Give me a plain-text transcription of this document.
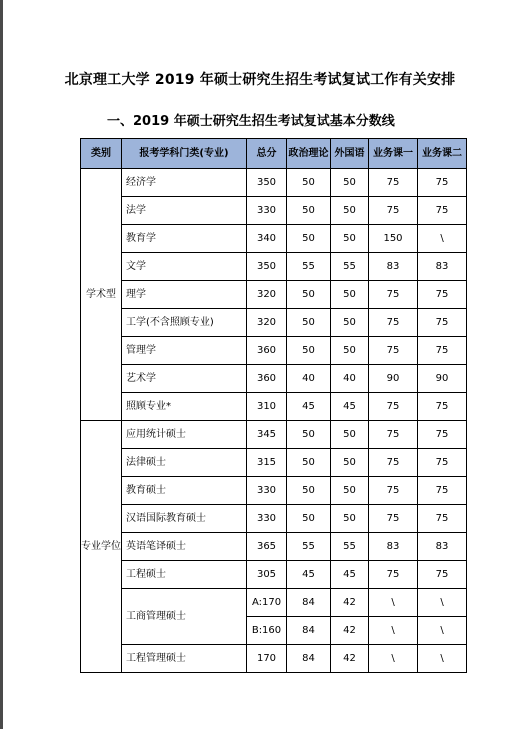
北京理工大学 2019 年硕士研究生招生考试复试工作有关安排
一、2019 年硕士研究生招生考试复试基本分数线
类别	报考学科门类(专业)	总分	政治理论	外国语	业务课一	业务课二
学术型	经济学	350	50	50	75	75
	法学	330	50	50	75	75
	教育学	340	50	50	150	\
	文学	350	55	55	83	83
	理学	320	50	50	75	75
	工学(不含照顾专业)	320	50	50	75	75
	管理学	360	50	50	75	75
	艺术学	360	40	40	90	90
	照顾专业*	310	45	45	75	75
专业学位	应用统计硕士	345	50	50	75	75
	法律硕士	315	50	50	75	75
	教育硕士	330	50	50	75	75
	汉语国际教育硕士	330	50	50	75	75
	英语笔译硕士	365	55	55	83	83
	工程硕士	305	45	45	75	75
	工商管理硕士	A:170	84	42	\	\
		B:160	84	42	\	\
	工程管理硕士	170	84	42	\	\
